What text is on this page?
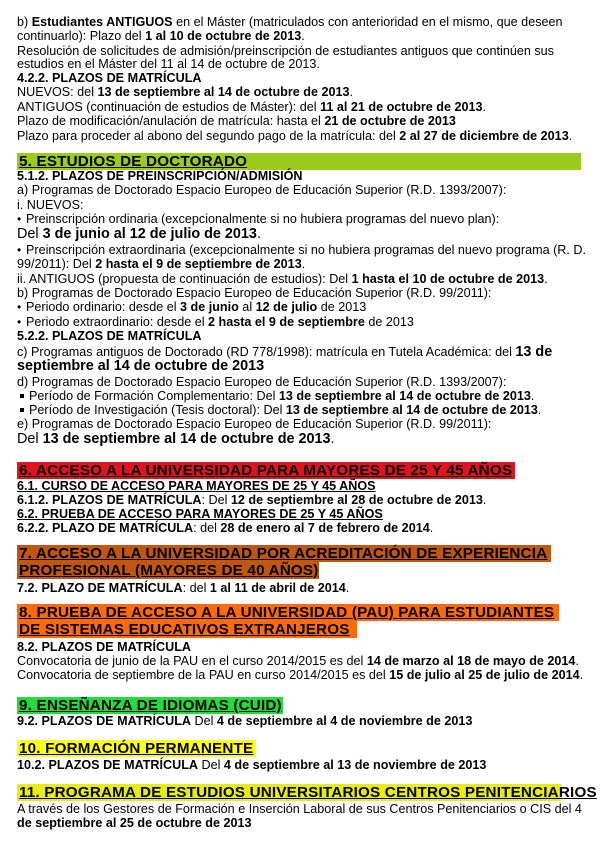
b) Estudiantes ANTIGUOS en el Máster (matriculados con anterioridad en el mismo, que deseen
continuarlo): Plazo del 1 al 10 de octubre de 2013.
Resolución de solicitudes de admisión/preinscripción de estudiantes antiguos que continúen sus
estudios en el Máster del 11 al 14 de octubre de 2013.
4.2.2. PLAZOS DE MATRÍCULA
NUEVOS: del 13 de septiembre al 14 de octubre de 2013.
ANTIGUOS (continuación de estudios de Máster): del 11 al 21 de octubre de 2013.
Plazo de modificación/anulación de matrícula: hasta el 21 de octubre de 2013
Plazo para proceder al abono del segundo pago de la matrícula: del 2 al 27 de diciembre de 2013.
5. ESTUDIOS DE DOCTORADO
5.1.2. PLAZOS DE PREINSCRIPCIÓN/ADMISIÓN
a) Programas de Doctorado Espacio Europeo de Educación Superior (R.D. 1393/2007):
i. NUEVOS:
• Preinscripción ordinaria (excepcionalmente si no hubiera programas del nuevo plan):
Del 3 de junio al 12 de julio de 2013.
• Preinscripción extraordinaria (excepcionalmente si no hubiera programas del nuevo programa (R. D.
99/2011): Del 2 hasta el 9 de septiembre de 2013.
ii. ANTIGUOS (propuesta de continuación de estudios): Del 1 hasta el 10 de octubre de 2013.
b) Programas de Doctorado Espacio Europeo de Educación Superior (R.D. 99/2011):
• Periodo ordinario: desde el 3 de junio al 12 de julio de 2013
• Periodo extraordinario: desde el 2 hasta el 9 de septiembre de 2013
5.2.2. PLAZOS DE MATRÍCULA
c) Programas antiguos de Doctorado (RD 778/1998): matrícula en Tutela Académica: del 13 de
septiembre al 14 de octubre de 2013
d) Programas de Doctorado Espacio Europeo de Educación Superior (R.D. 1393/2007):
Período de Formación Complementario: Del 13 de septiembre al 14 de octubre de 2013.
Período de Investigación (Tesis doctoral): Del 13 de septiembre al 14 de octubre de 2013.
e) Programas de Doctorado Espacio Europeo de Educación Superior (R.D. 99/2011):
Del 13 de septiembre al 14 de octubre de 2013.
6. ACCESO A LA UNIVERSIDAD PARA MAYORES DE 25 Y 45 AÑOS
6.1. CURSO DE ACCESO PARA MAYORES DE 25 Y 45 AÑOS
6.1.2. PLAZOS DE MATRÍCULA: Del 12 de septiembre al 28 de octubre de 2013.
6.2. PRUEBA DE ACCESO PARA MAYORES DE 25 Y 45 AÑOS
6.2.2. PLAZO DE MATRÍCULA: del 28 de enero al 7 de febrero de 2014.
7. ACCESO A LA UNIVERSIDAD POR ACREDITACIÓN DE EXPERIENCIA
PROFESIONAL (MAYORES DE 40 AÑOS)
7.2. PLAZO DE MATRÍCULA: del 1 al 11 de abril de 2014.
8. PRUEBA DE ACCESO A LA UNIVERSIDAD (PAU) PARA ESTUDIANTES
DE SISTEMAS EDUCATIVOS EXTRANJEROS
8.2. PLAZOS DE MATRÍCULA
Convocatoria de junio de la PAU en el curso 2014/2015 es del 14 de marzo al 18 de mayo de 2014.
Convocatoria de septiembre de la PAU en curso 2014/2015 es del 15 de julio al 25 de julio de 2014.
9. ENSEÑANZA DE IDIOMAS (CUID)
9.2. PLAZOS DE MATRÍCULA Del 4 de septiembre al 4 de noviembre de 2013
10. FORMACIÓN PERMANENTE
10.2. PLAZOS DE MATRÍCULA Del 4 de septiembre al 13 de noviembre de 2013
11. PROGRAMA DE ESTUDIOS UNIVERSITARIOS CENTROS PENITENCIARIOS
A través de los Gestores de Formación e Inserción Laboral de sus Centros Penitenciarios o CIS del 4
de septiembre al 25 de octubre de 2013
